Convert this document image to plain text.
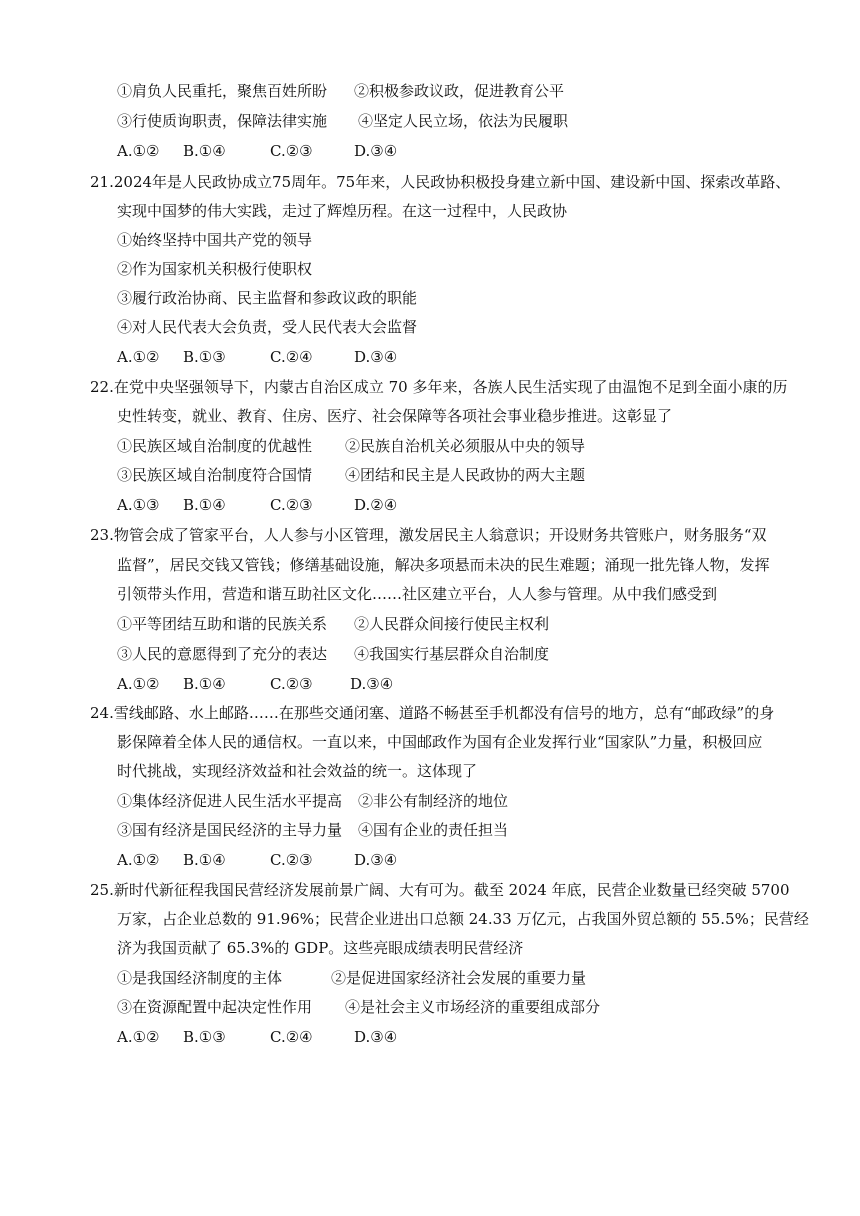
①肩负人民重托，聚焦百姓所盼 ②积极参政议政，促进教育公平
③行使质询职责，保障法律实施 ④坚定人民立场，依法为民履职
A.①② B.①④	C.②③	D.③④
21.2024年是人民政协成立75周年。75年来，人民政协积极投身建立新中国、建设新中国、探索改革路、
实现中国梦的伟大实践，走过了辉煌历程。在这一过程中，人民政协
①始终坚持中国共产党的领导
②作为国家机关积极行使职权
③履行政治协商、民主监督和参政议政的职能
④对人民代表大会负责，受人民代表大会监督
A.①② B.①③	C.②④	D.③④
22.在党中央坚强领导下，内蒙古自治区成立 70 多年来，各族人民生活实现了由温饱不足到全面小康的历
史性转变，就业、教育、住房、医疗、社会保障等各项社会事业稳步推进。这彰显了
①民族区域自治制度的优越性 ②民族自治机关必须服从中央的领导
③民族区域自治制度符合国情 ④团结和民主是人民政协的两大主题
A.①③ B.①④	C.②③	D.②④
23.物管会成了管家平台，人人参与小区管理，激发居民主人翁意识；开设财务共管账户，财务服务“双
监督”，居民交钱又管钱；修缮基础设施，解决多项悬而未决的民生难题；涌现一批先锋人物，发挥
引领带头作用，营造和谐互助社区文化……社区建立平台，人人参与管理。从中我们感受到
①平等团结互助和谐的民族关系 ②人民群众间接行使民主权利
③人民的意愿得到了充分的表达 ④我国实行基层群众自治制度
A.①② B.①④	C.②③ D.③④
24.雪线邮路、水上邮路……在那些交通闭塞、道路不畅甚至手机都没有信号的地方，总有“邮政绿”的身
影保障着全体人民的通信权。一直以来，中国邮政作为国有企业发挥行业“国家队”力量，积极回应
时代挑战，实现经济效益和社会效益的统一。这体现了
①集体经济促进人民生活水平提高 ②非公有制经济的地位
③国有经济是国民经济的主导力量 ④国有企业的责任担当
A.①② B.①④	C.②③	D.③④
25.新时代新征程我国民营经济发展前景广阔、大有可为。截至 2024 年底，民营企业数量已经突破 5700
万家，占企业总数的 91.96%；民营企业进出口总额 24.33 万亿元，占我国外贸总额的 55.5%；民营经
济为我国贡献了 65.3%的 GDP。这些亮眼成绩表明民营经济
①是我国经济制度的主体	②是促进国家经济社会发展的重要力量
③在资源配置中起决定性作用 ④是社会主义市场经济的重要组成部分
A.①② B.①③	C.②④	D.③④
